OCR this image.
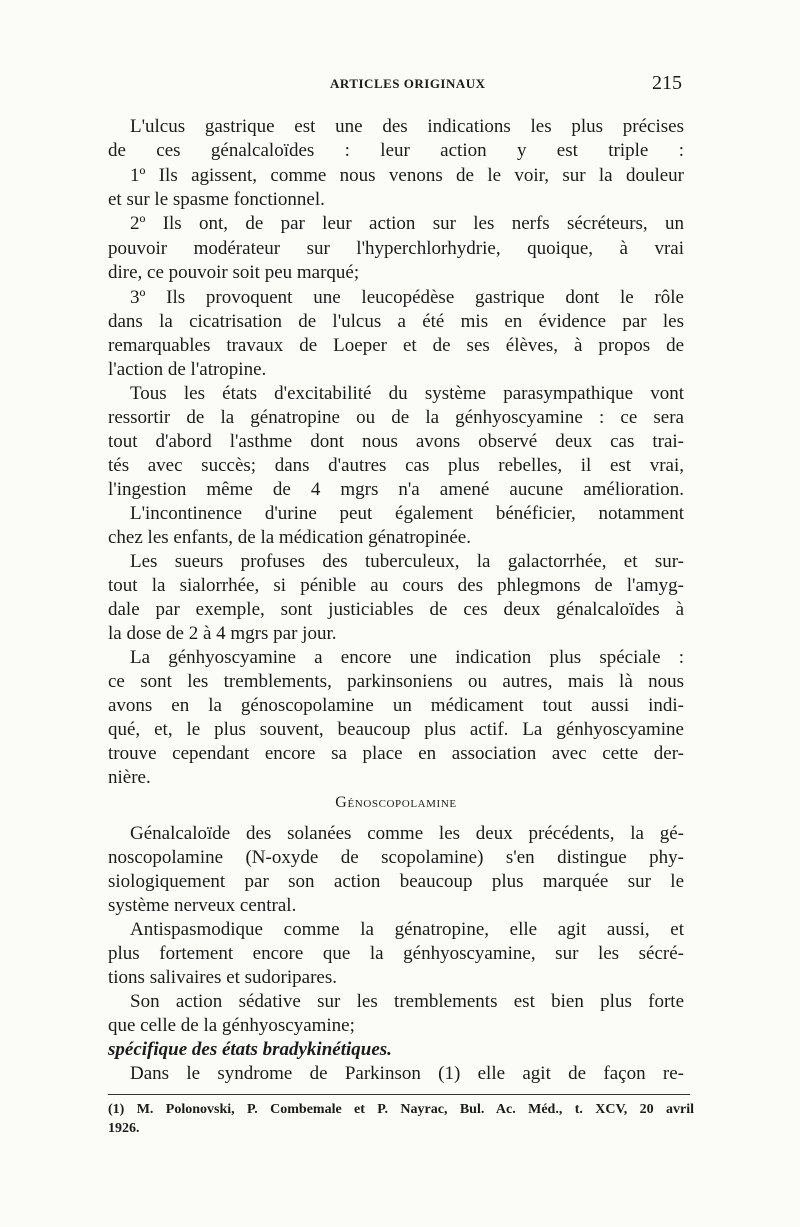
ARTICLES ORIGINAUX	215
L'ulcus gastrique est une des indications les plus précises
de ces génalcaloïdes : leur action y est triple :
1º Ils agissent, comme nous venons de le voir, sur la douleur
et sur le spasme fonctionnel.
2º Ils ont, de par leur action sur les nerfs sécréteurs, un
pouvoir modérateur sur l'hyperchlorhydrie, quoique, à vrai
dire, ce pouvoir soit peu marqué;
3º Ils provoquent une leucopédèse gastrique dont le rôle
dans la cicatrisation de l'ulcus a été mis en évidence par les
remarquables travaux de Loeper et de ses élèves, à propos de
l'action de l'atropine.
Tous les états d'excitabilité du système parasympathique vont
ressortir de la génatropine ou de la génhyoscyamine : ce sera
tout d'abord l'asthme dont nous avons observé deux cas trai-
tés avec succès; dans d'autres cas plus rebelles, il est vrai,
l'ingestion même de 4 mgrs n'a amené aucune amélioration.
L'incontinence d'urine peut également bénéficier, notamment
chez les enfants, de la médication génatropinée.
Les sueurs profuses des tuberculeux, la galactorrhée, et sur-
tout la sialorrhée, si pénible au cours des phlegmons de l'amyg-
dale par exemple, sont justiciables de ces deux génalcaloïdes à
la dose de 2 à 4 mgrs par jour.
La génhyoscyamine a encore une indication plus spéciale :
ce sont les tremblements, parkinsoniens ou autres, mais là nous
avons en la génoscopolamine un médicament tout aussi indi-
qué, et, le plus souvent, beaucoup plus actif. La génhyoscyamine
trouve cependant encore sa place en association avec cette der-
nière.
Génoscopolamine
Génalcaloïde des solanées comme les deux précédents, la gé-
noscopolamine (N-oxyde de scopolamine) s'en distingue phy-
siologiquement par son action beaucoup plus marquée sur le
système nerveux central.
Antispasmodique comme la génatropine, elle agit aussi, et
plus fortement encore que la génhyoscyamine, sur les sécré-
tions salivaires et sudoripares.
Son action sédative sur les tremblements est bien plus forte
que celle de la génhyoscyamine;
spécifique des états bradykinétiques.
Dans le syndrome de Parkinson (1) elle agit de façon re-
(1) M. Polonovski, P. Combemale et P. Nayrac, Bul. Ac. Méd., t. XCV, 20 avril
1926.
